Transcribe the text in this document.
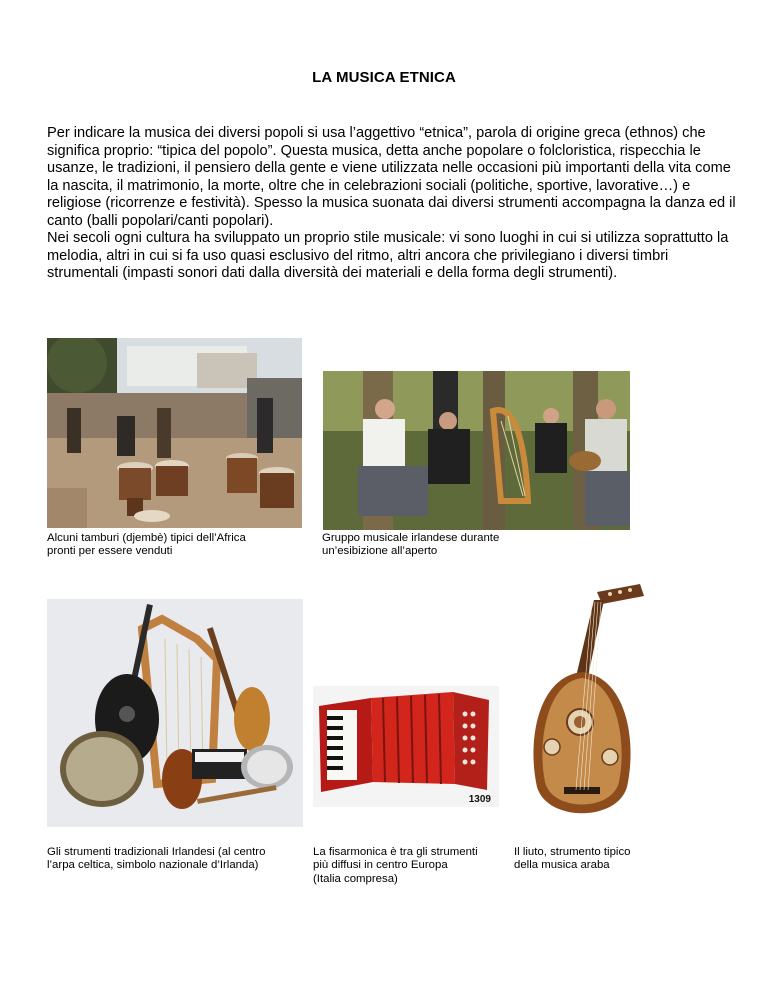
LA MUSICA ETNICA

Per indicare la musica dei diversi popoli si usa l’aggettivo “etnica”, parola di origine greca (ethnos) che significa proprio: “tipica del popolo”. Questa musica, detta anche popolare o folcloristica, rispecchia le usanze, le tradizioni, il pensiero della gente e viene utilizzata nelle occasioni più importanti della vita come la nascita, il matrimonio, la morte, oltre che in celebrazioni sociali (politiche, sportive, lavorative…) e religiose (ricorrenze e festività). Spesso la musica suonata dai diversi strumenti accompagna la danza ed il canto (balli popolari/canti popolari).

Nei secoli ogni cultura ha sviluppato un proprio stile musicale: vi sono luoghi in cui si utilizza soprattutto la melodia, altri in cui si fa uso quasi esclusivo del ritmo, altri ancora che privilegiano i diversi timbri strumentali (impasti sonori dati dalla diversità dei materiali e della forma degli strumenti).

Alcuni tamburi (djembè) tipici dell’Africa
pronti per essere venduti
Gruppo musicale irlandese durante
un’esibizione all’aperto
Gli strumenti tradizionali Irlandesi (al centro
l’arpa celtica, simbolo nazionale d’Irlanda)
1309
La fisarmonica è tra gli strumenti
più diffusi in centro Europa
(Italia compresa)
Il liuto, strumento tipico
della musica araba
